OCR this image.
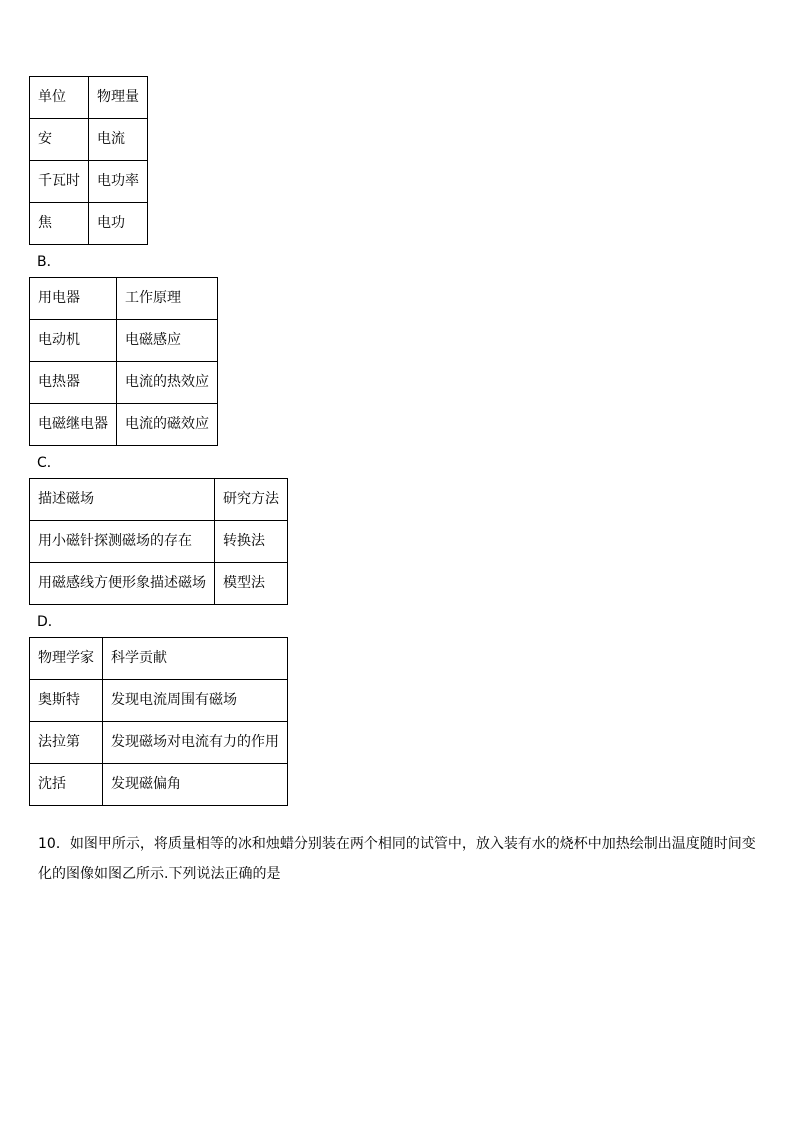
单位	物理量
安	电流
千瓦时	电功率
焦	电功
B．
用电器	工作原理
电动机	电磁感应
电热器	电流的热效应
电磁继电器	电流的磁效应
C．
描述磁场	研究方法
用小磁针探测磁场的存在	转换法
用磁感线方便形象描述磁场	模型法
D．
物理学家	科学贡献
奥斯特	发现电流周围有磁场
法拉第	发现磁场对电流有力的作用
沈括	发现磁偏角
10．如图甲所示，将质量相等的冰和烛蜡分别装在两个相同的试管中，放入装有水的烧杯中加热绘制出温度随时间变
化的图像如图乙所示.下列说法正确的是
